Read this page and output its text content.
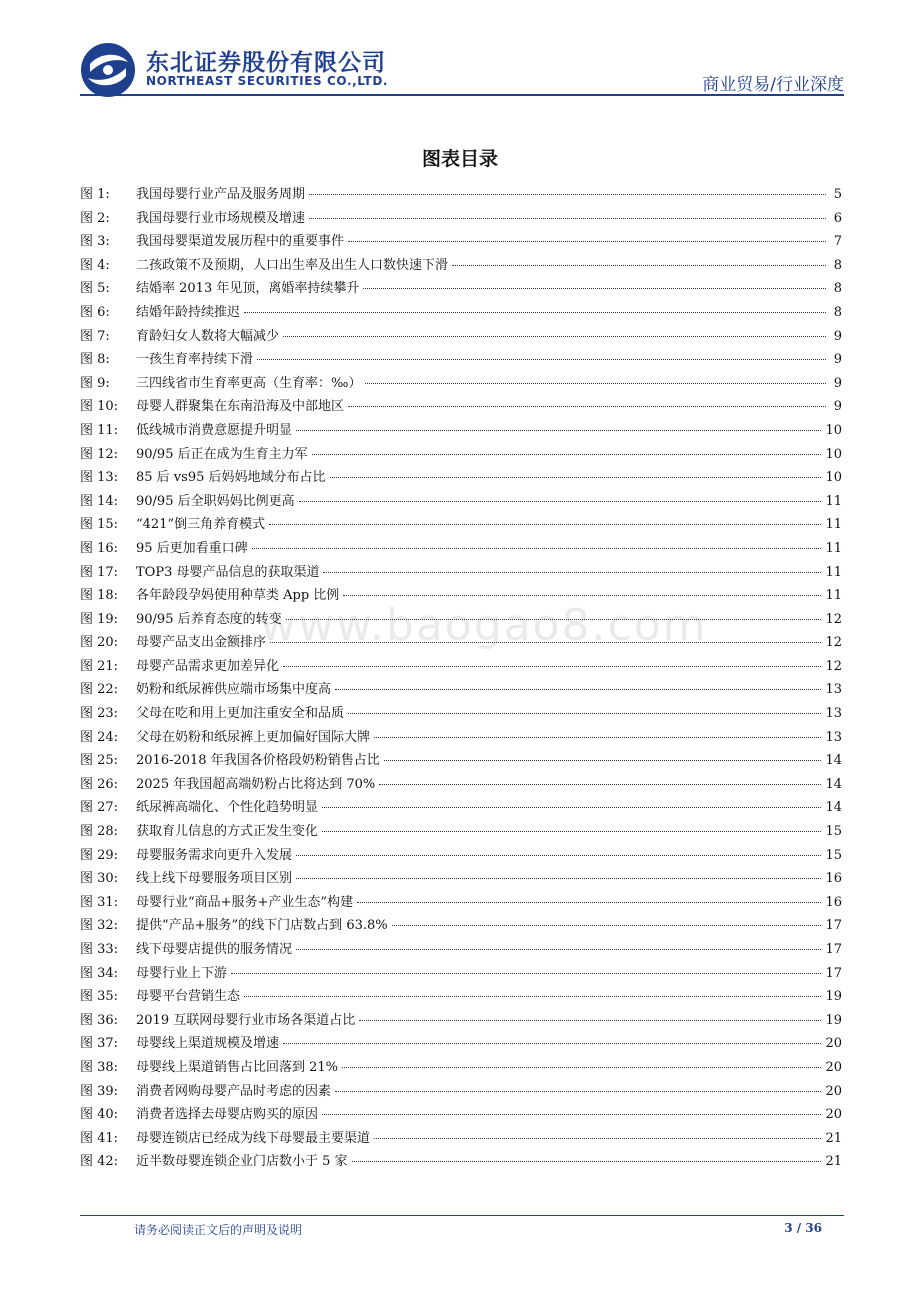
东北证券股份有限公司
NORTHEAST SECURITIES CO.,LTD.	商业贸易/行业深度
www.baogao8.com
图表目录
图 1:	我国母婴行业产品及服务周期	5
图 2:	我国母婴行业市场规模及增速	6
图 3:	我国母婴渠道发展历程中的重要事件	7
图 4:	二孩政策不及预期，人口出生率及出生人口数快速下滑	8
图 5:	结婚率 2013 年见顶，离婚率持续攀升	8
图 6:	结婚年龄持续推迟	8
图 7:	育龄妇女人数将大幅减少	9
图 8:	一孩生育率持续下滑	9
图 9:	三四线省市生育率更高（生育率：‰）	9
图 10:	母婴人群聚集在东南沿海及中部地区	9
图 11:	低线城市消费意愿提升明显	10
图 12:	90/95 后正在成为生育主力军	10
图 13:	85 后 vs95 后妈妈地域分布占比	10
图 14:	90/95 后全职妈妈比例更高	11
图 15:	“421”倒三角养育模式	11
图 16:	95 后更加看重口碑	11
图 17:	TOP3 母婴产品信息的获取渠道	11
图 18:	各年龄段孕妈使用种草类 App 比例	11
图 19:	90/95 后养育态度的转变	12
图 20:	母婴产品支出金额排序	12
图 21:	母婴产品需求更加差异化	12
图 22:	奶粉和纸尿裤供应端市场集中度高	13
图 23:	父母在吃和用上更加注重安全和品质	13
图 24:	父母在奶粉和纸尿裤上更加偏好国际大牌	13
图 25:	2016-2018 年我国各价格段奶粉销售占比	14
图 26:	2025 年我国超高端奶粉占比将达到 70%	14
图 27:	纸尿裤高端化、个性化趋势明显	14
图 28:	获取育儿信息的方式正发生变化	15
图 29:	母婴服务需求向更升入发展	15
图 30:	线上线下母婴服务项目区别	16
图 31:	母婴行业“商品+服务+产业生态”构建	16
图 32:	提供“产品+服务”的线下门店数占到 63.8%	17
图 33:	线下母婴店提供的服务情况	17
图 34:	母婴行业上下游	17
图 35:	母婴平台营销生态	19
图 36:	2019 互联网母婴行业市场各渠道占比	19
图 37:	母婴线上渠道规模及增速	20
图 38:	母婴线上渠道销售占比回落到 21%	20
图 39:	消费者网购母婴产品时考虑的因素	20
图 40:	消费者选择去母婴店购买的原因	20
图 41:	母婴连锁店已经成为线下母婴最主要渠道	21
图 42:	近半数母婴连锁企业门店数小于 5 家	21
请务必阅读正文后的声明及说明	3 / 36
